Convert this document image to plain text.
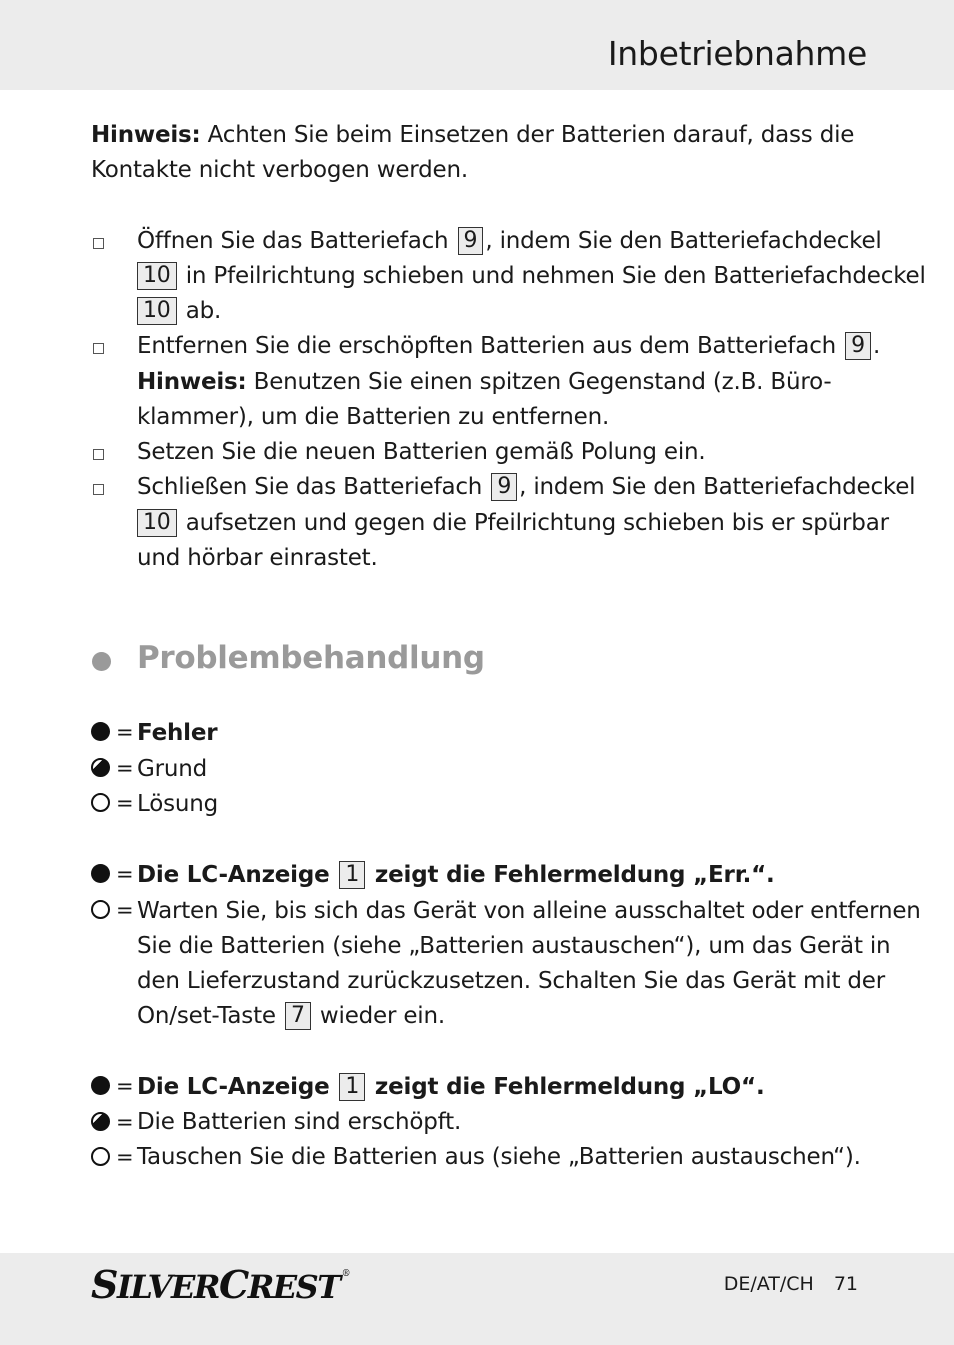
Inbetriebnahme
Hinweis: Achten Sie beim Einsetzen der Batterien darauf, dass die
Kontakte nicht verbogen werden.
Öffnen Sie das Batteriefach 9 , indem Sie den Batteriefachdeckel
10 in Pfeilrichtung schieben und nehmen Sie den Batteriefachdeckel
10 ab.
Entfernen Sie die erschöpften Batterien aus dem Batteriefach 9 .
Hinweis: Benutzen Sie einen spitzen Gegenstand (z.B. Büro-
klammer), um die Batterien zu entfernen.
Setzen Sie die neuen Batterien gemäß Polung ein.
Schließen Sie das Batteriefach 9 , indem Sie den Batteriefachdeckel
10 aufsetzen und gegen die Pfeilrichtung schieben bis er spürbar
und hörbar einrastet.
Problembehandlung
= Fehler
= Grund
= Lösung
= Die LC-Anzeige 1 zeigt die Fehlermeldung „Err.“.
= Warten Sie, bis sich das Gerät von alleine ausschaltet oder entfernen
Sie die Batterien (siehe „Batterien austauschen“), um das Gerät in
den Lieferzustand zurückzusetzen. Schalten Sie das Gerät mit der
On/set-Taste 7 wieder ein.
= Die LC-Anzeige 1 zeigt die Fehlermeldung „LO“.
= Die Batterien sind erschöpft.
= Tauschen Sie die Batterien aus (siehe „Batterien austauschen“).
SILVERCREST ®	DE/AT/CH 71
